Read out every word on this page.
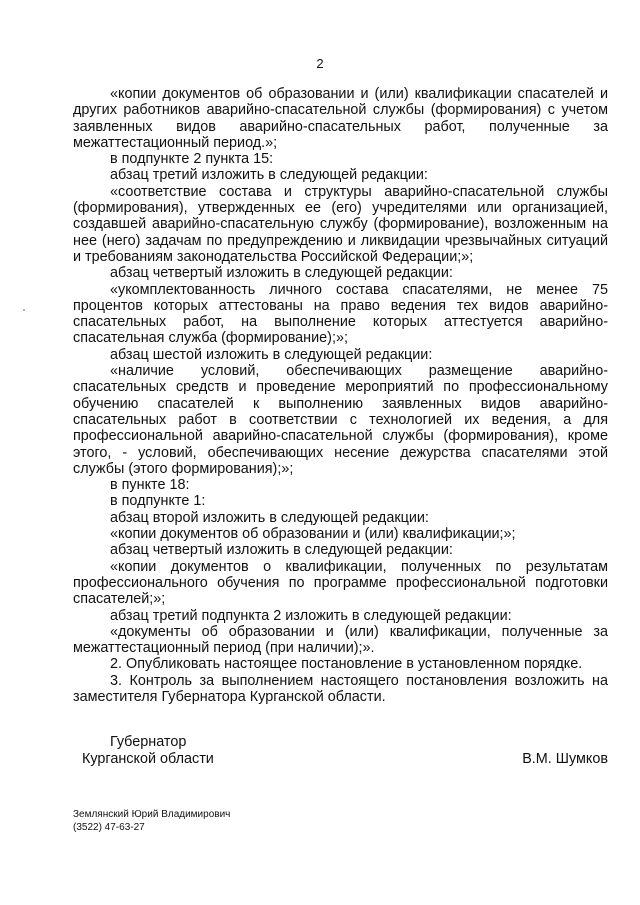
2

«копии документов об образовании и (или) квалификации спасателей и других работников аварийно-спасательной службы (формирования) с учетом заявленных видов аварийно-спасательных работ, полученные за межаттестационный период.»;

в подпункте 2 пункта 15:

абзац третий изложить в следующей редакции:

«соответствие состава и структуры аварийно-спасательной службы (формирования), утвержденных ее (его) учредителями или организацией, создавшей аварийно-спасательную службу (формирование), возложенным на нее (него) задачам по предупреждению и ликвидации чрезвычайных ситуаций и требованиям законодательства Российской Федерации;»;

абзац четвертый изложить в следующей редакции:

«укомплектованность личного состава спасателями, не менее 75 процентов которых аттестованы на право ведения тех видов аварийно-спасательных работ, на выполнение которых аттестуется аварийно-спасательная служба (формирование);»;

абзац шестой изложить в следующей редакции:

«наличие условий, обеспечивающих размещение аварийно-спасательных средств и проведение мероприятий по профессиональному обучению спасателей к выполнению заявленных видов аварийно-спасательных работ в соответствии с технологией их ведения, а для профессиональной аварийно-спасательной службы (формирования), кроме этого, - условий, обеспечивающих несение дежурства спасателями этой службы (этого формирования);»;

в пункте 18:

в подпункте 1:

абзац второй изложить в следующей редакции:

«копии документов об образовании и (или) квалификации;»;

абзац четвертый изложить в следующей редакции:

«копии документов о квалификации, полученных по результатам профессионального обучения по программе профессиональной подготовки спасателей;»;

абзац третий подпункта 2 изложить в следующей редакции:

«документы об образовании и (или) квалификации, полученные за межаттестационный период (при наличии);».

2. Опубликовать настоящее постановление в установленном порядке.

3. Контроль за выполнением настоящего постановления возложить на заместителя Губернатора Курганской области.

Губернатор
Курганской области	В.М. Шумков
Землянский Юрий Владимирович
(3522) 47-63-27
